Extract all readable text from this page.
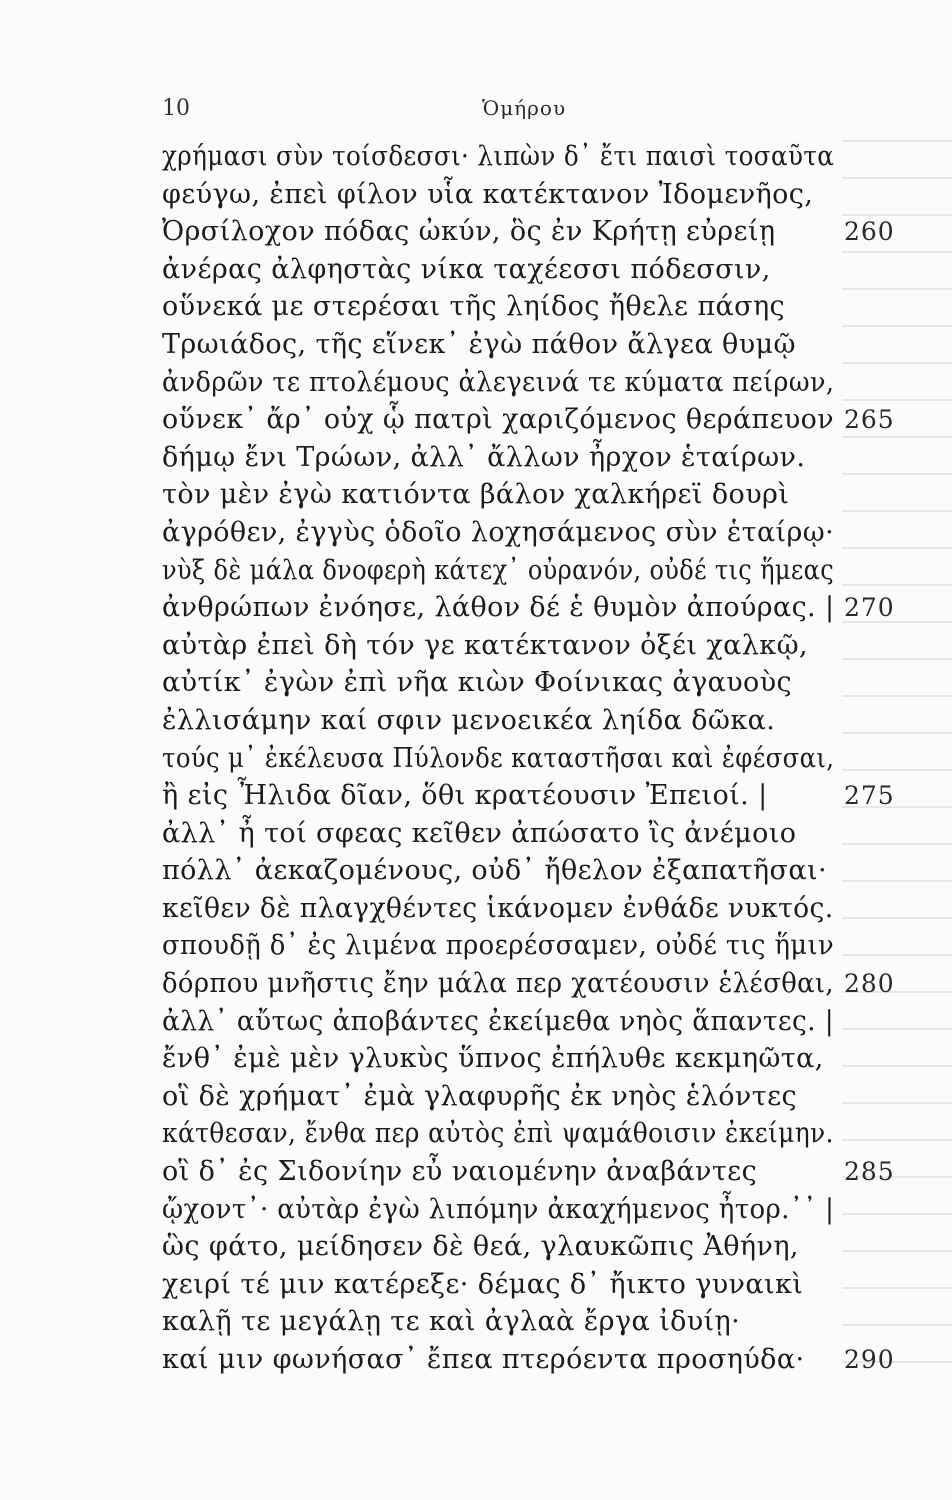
10	Ὁμήρου
χρήμασι σὺν τοίσδεσσι· λιπὼν δ᾽ ἔτι παισὶ τοσαῦτα
φεύγω, ἐπεὶ φίλον υἷα κατέκτανον Ἰδομενῆος,
Ὀρσίλοχον πόδας ὠκύν, ὃς ἐν Κρήτῃ εὐρείῃ	260
ἀνέρας ἀλφηστὰς νίκα ταχέεσσι πόδεσσιν,
οὕνεκά με στερέσαι τῆς ληίδος ἤθελε πάσης
Τρωιάδος, τῆς εἵνεκ᾽ ἐγὼ πάθον ἄλγεα θυμῷ
ἀνδρῶν τε πτολέμους ἀλεγεινά τε κύματα πείρων,
οὕνεκ᾽ ἄρ᾽ οὐχ ᾧ πατρὶ χαριζόμενος θεράπευον 265
δήμῳ ἔνι Τρώων, ἀλλ᾽ ἄλλων ἦρχον ἑταίρων.
τὸν μὲν ἐγὼ κατιόντα βάλον χαλκήρεϊ δουρὶ
ἀγρόθεν, ἐγγὺς ὁδοῖο λοχησάμενος σὺν ἑταίρῳ·
νὺξ δὲ μάλα δνοφερὴ κάτεχ᾽ οὐρανόν, οὐδέ τις ἥμεας
ἀνθρώπων ἐνόησε, λάθον δέ ἑ θυμὸν ἀπούρας. | 270
αὐτὰρ ἐπεὶ δὴ τόν γε κατέκτανον ὀξέι χαλκῷ,
αὐτίκ᾽ ἐγὼν ἐπὶ νῆα κιὼν Φοίνικας ἀγαυοὺς
ἐλλισάμην καί σφιν μενοεικέα ληίδα δῶκα.
τούς μ᾽ ἐκέλευσα Πύλονδε καταστῆσαι καὶ ἐφέσσαι,
ἢ εἰς Ἦλιδα δῖαν, ὅθι κρατέουσιν Ἐπειοί. |	275
ἀλλ᾽ ἦ τοί σφεας κεῖθεν ἀπώσατο ἲς ἀνέμοιο
πόλλ᾽ ἀεκαζομένους, οὐδ᾽ ἤθελον ἐξαπατῆσαι·
κεῖθεν δὲ πλαγχθέντες ἱκάνομεν ἐνθάδε νυκτός.
σπουδῇ δ᾽ ἐς λιμένα προερέσσαμεν, οὐδέ τις ἥμιν
δόρπου μνῆστις ἔην μάλα περ χατέουσιν ἑλέσθαι, 280
ἀλλ᾽ αὔτως ἀποβάντες ἐκείμεθα νηὸς ἅπαντες. |
ἔνθ᾽ ἐμὲ μὲν γλυκὺς ὕπνος ἐπήλυθε κεκμηῶτα,
οἳ δὲ χρήματ᾽ ἐμὰ γλαφυρῆς ἐκ νηὸς ἑλόντες
κάτθεσαν, ἔνθα περ αὐτὸς ἐπὶ ψαμάθοισιν ἐκείμην.
οἳ δ᾽ ἐς Σιδονίην εὖ ναιομένην ἀναβάντες	285
ᾤχοντ᾽· αὐτὰρ ἐγὼ λιπόμην ἀκαχήμενος ἦτορ.᾽᾽ |
ὣς φάτο, μείδησεν δὲ θεά, γλαυκῶπις Ἀθήνη,
χειρί τέ μιν κατέρεξε· δέμας δ᾽ ἤικτο γυναικὶ
καλῇ τε μεγάλῃ τε καὶ ἀγλαὰ ἔργα ἰδυίῃ·
καί μιν φωνήσασ᾽ ἔπεα πτερόεντα προσηύδα· 290
